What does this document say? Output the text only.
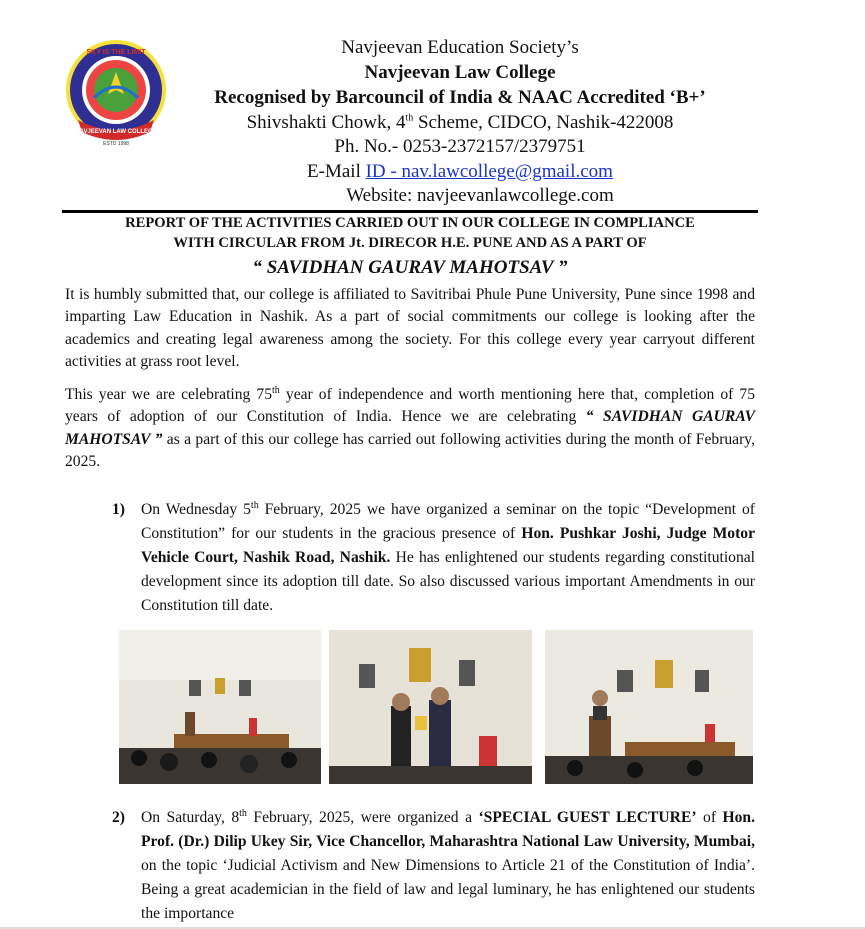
SKY IS THE LIMIT
NAVJEEVAN LAW COLLEGE
ESTD 1998
Navjeevan Education Society’s
Navjeevan Law College
Recognised by Barcouncil of India & NAAC Accredited ‘B+’
Shivshakti Chowk, 4th Scheme, CIDCO, Nashik-422008
Ph. No.- 0253-2372157/2379751
E-Mail ID - nav.lawcollege@gmail.com
Website: navjeevanlawcollege.com
REPORT OF THE ACTIVITIES CARRIED OUT IN OUR COLLEGE IN COMPLIANCE
WITH CIRCULAR FROM Jt. DIRECOR H.E. PUNE AND AS A PART OF
“ SAVIDHAN GAURAV MAHOTSAV ”
It is humbly submitted that, our college is affiliated to Savitribai Phule Pune University, Pune since 1998 and imparting Law Education in Nashik. As a part of social commitments our college is looking after the academics and creating legal awareness among the society. For this college every year carryout different activities at grass root level.
This year we are celebrating 75th year of independence and worth mentioning here that, completion of 75 years of adoption of our Constitution of India. Hence we are celebrating “ SAVIDHAN GAURAV MAHOTSAV ” as a part of this our college has carried out following activities during the month of February, 2025.
1) On Wednesday 5th February, 2025 we have organized a seminar on the topic “Development of Constitution” for our students in the gracious presence of Hon. Pushkar Joshi, Judge Motor Vehicle Court, Nashik Road, Nashik. He has enlightened our students regarding constitutional development since its adoption till date. So also discussed various important Amendments in our Constitution till date.
2) On Saturday, 8th February, 2025, were organized a ‘SPECIAL GUEST LECTURE’ of Hon. Prof. (Dr.) Dilip Ukey Sir, Vice Chancellor, Maharashtra National Law University, Mumbai, on the topic ‘Judicial Activism and New Dimensions to Article 21 of the Constitution of India’. Being a great academician in the field of law and legal luminary, he has enlightened our students the importance
